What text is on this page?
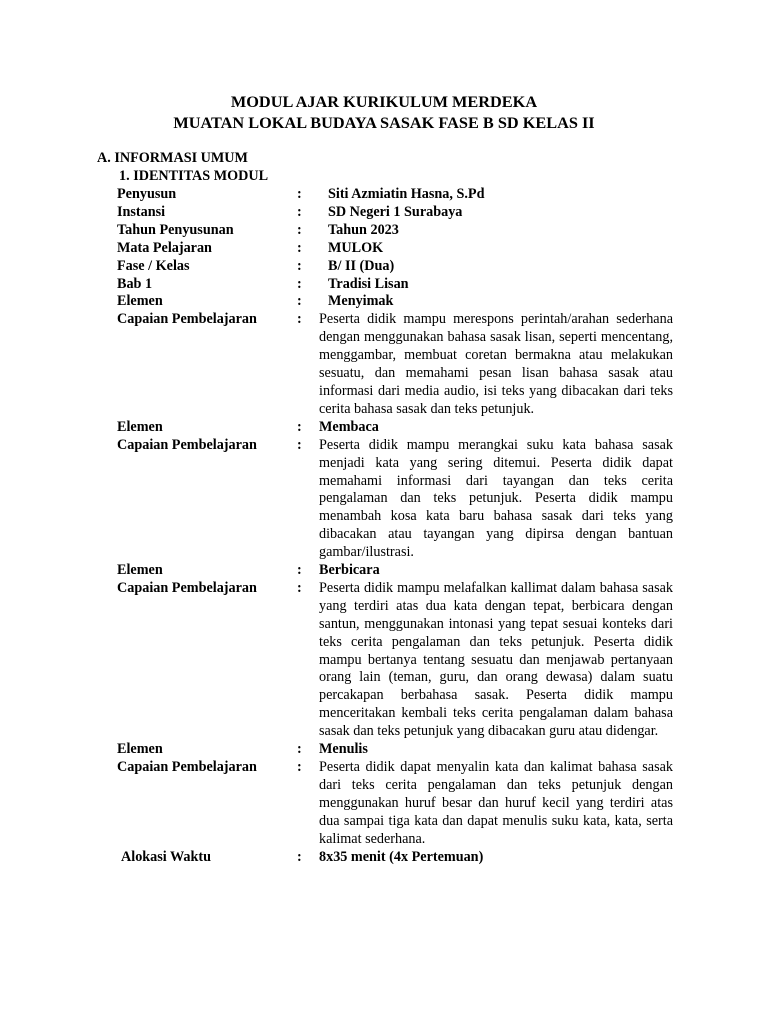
MODUL AJAR KURIKULUM MERDEKA
MUATAN LOKAL BUDAYA SASAK FASE B SD KELAS II
A. INFORMASI UMUM
1. IDENTITAS MODUL
Penyusun	:	Siti Azmiatin Hasna, S.Pd
Instansi	:	SD Negeri 1 Surabaya
Tahun Penyusunan	:	Tahun 2023
Mata Pelajaran	:	MULOK
Fase / Kelas	:	B/ II (Dua)
Bab 1	:	Tradisi Lisan
Elemen	:	Menyimak
Capaian Pembelajaran	:	Peserta didik mampu merespons perintah/arahan sederhana dengan menggunakan bahasa sasak lisan, seperti mencentang, menggambar, membuat coretan bermakna atau melakukan sesuatu, dan memahami pesan lisan bahasa sasak atau informasi dari media audio, isi teks yang dibacakan dari teks cerita bahasa sasak dan teks petunjuk.
Elemen	:	Membaca
Capaian Pembelajaran	:	Peserta didik mampu merangkai suku kata bahasa sasak menjadi kata yang sering ditemui. Peserta didik dapat memahami informasi dari tayangan dan teks cerita pengalaman dan teks petunjuk. Peserta didik mampu menambah kosa kata baru bahasa sasak dari teks yang dibacakan atau tayangan yang dipirsa dengan bantuan gambar/ilustrasi.
Elemen	:	Berbicara
Capaian Pembelajaran	:	Peserta didik mampu melafalkan kallimat dalam bahasa sasak yang terdiri atas dua kata dengan tepat, berbicara dengan santun, menggunakan intonasi yang tepat sesuai konteks dari teks cerita pengalaman dan teks petunjuk. Peserta didik mampu bertanya tentang sesuatu dan menjawab pertanyaan orang lain (teman, guru, dan orang dewasa) dalam suatu percakapan berbahasa sasak. Peserta didik mampu menceritakan kembali teks cerita pengalaman dalam bahasa sasak dan teks petunjuk yang dibacakan guru atau didengar.
Elemen	:	Menulis
Capaian Pembelajaran	:	Peserta didik dapat menyalin kata dan kalimat bahasa sasak dari teks cerita pengalaman dan teks petunjuk dengan menggunakan huruf besar dan huruf kecil yang terdiri atas dua sampai tiga kata dan dapat menulis suku kata, kata, serta kalimat sederhana.
Alokasi Waktu	:	8x35 menit (4x Pertemuan)
